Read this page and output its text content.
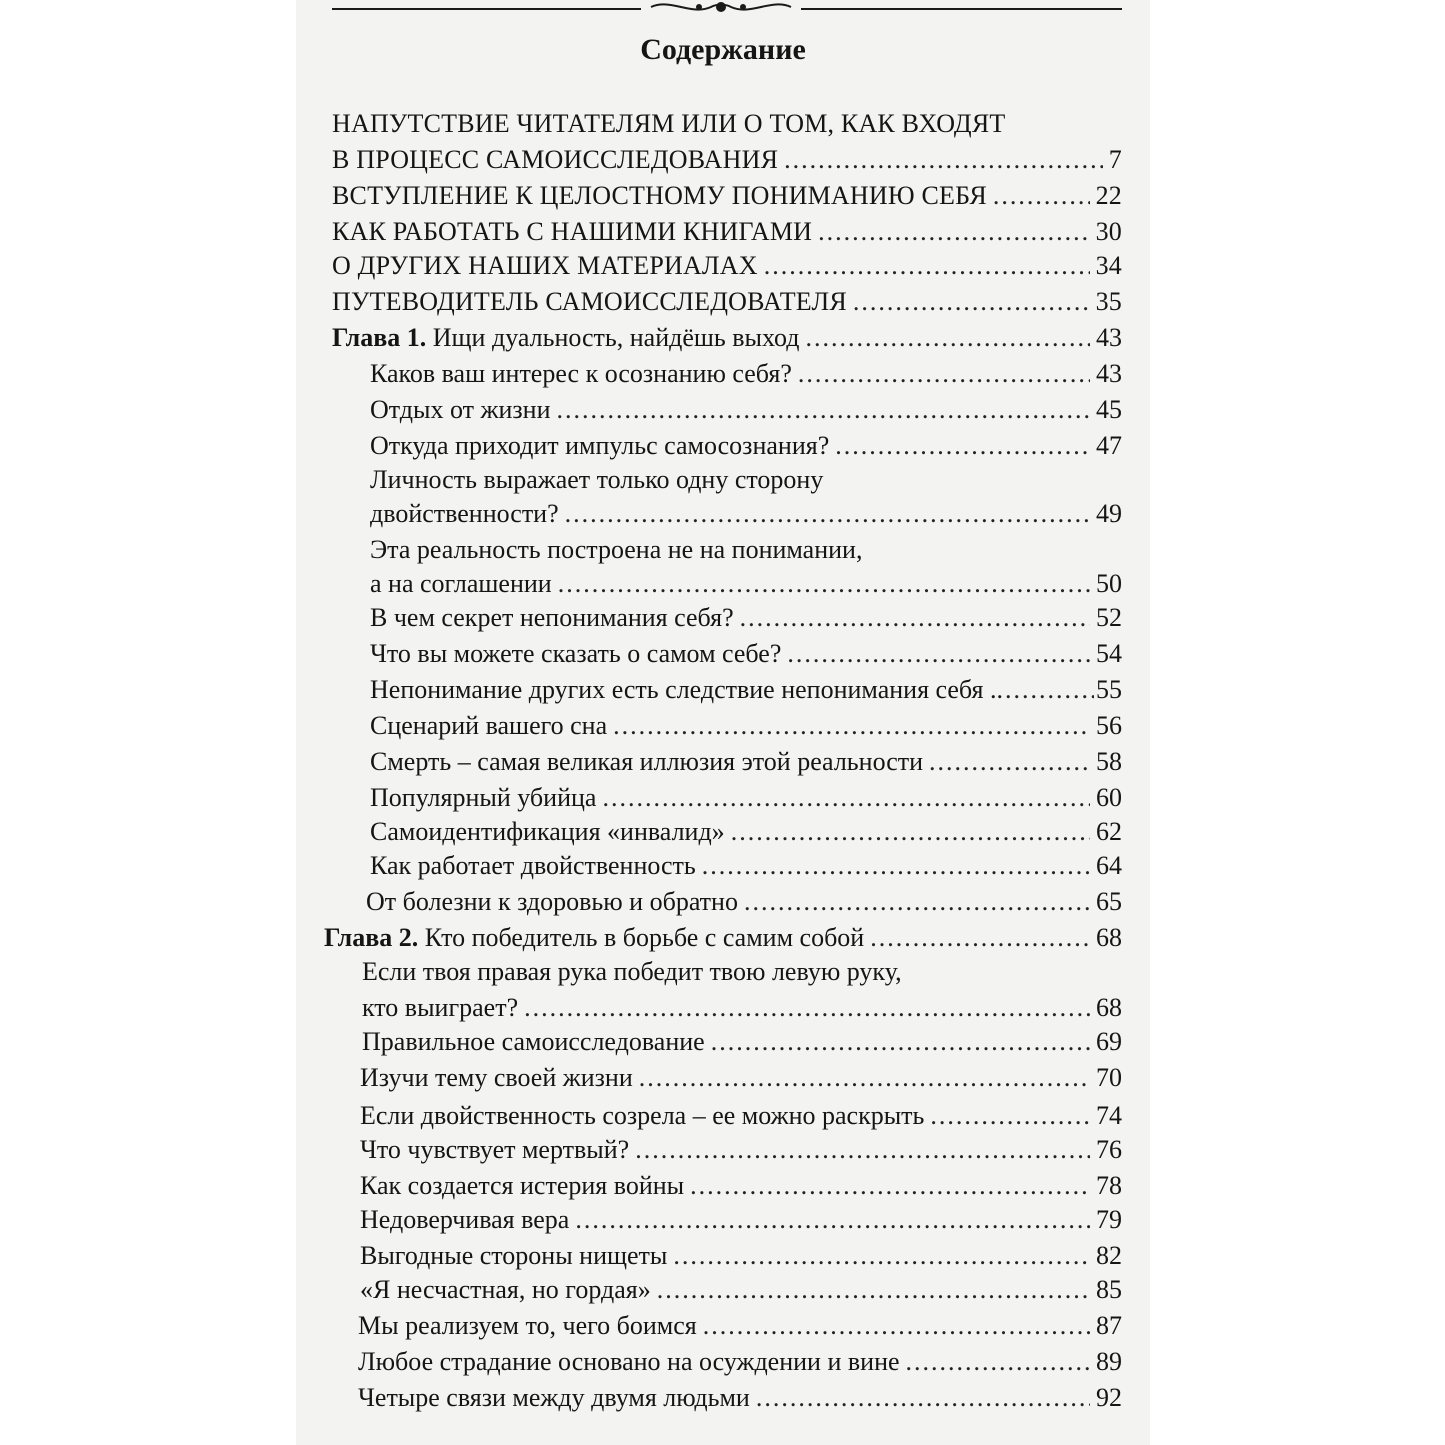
Содержание
НАПУТСТВИЕ ЧИТАТЕЛЯМ ИЛИ О ТОМ, КАК ВХОДЯТ
В ПРОЦЕСС САМОИССЛЕДОВАНИЯ .....	7
ВСТУПЛЕНИЕ К ЦЕЛОСТНОМУ ПОНИМАНИЮ СЕБЯ .....	22
КАК РАБОТАТЬ С НАШИМИ КНИГАМИ .....	30
О ДРУГИХ НАШИХ МАТЕРИАЛАХ .....	34
ПУТЕВОДИТЕЛЬ САМОИССЛЕДОВАТЕЛЯ .....	35
Глава 1. Ищи дуальность, найдёшь выход .....	43
Каков ваш интерес к осознанию себя? .....	43
Отдых от жизни .....	45
Откуда приходит импульс самосознания? .....	47
Личность выражает только одну сторону
двойственности? .....	49
Эта реальность построена не на понимании,
а на соглашении .....	50
В чем секрет непонимания себя? .....	52
Что вы можете сказать о самом себе? .....	54
Непонимание других есть следствие непонимания себя .. .....	55
Сценарий вашего сна .....	56
Смерть – самая великая иллюзия этой реальности .....	58
Популярный убийца .....	60
Самоидентификация «инвалид» .....	62
Как работает двойственность .....	64
От болезни к здоровью и обратно .....	65
Глава 2. Кто победитель в борьбе с самим собой .....	68
Если твоя правая рука победит твою левую руку,
кто выиграет? .....	68
Правильное самоисследование .....	69
Изучи тему своей жизни .....	70
Если двойственность созрела – ее можно раскрыть .....	74
Что чувствует мертвый? .....	76
Как создается истерия войны .....	78
Недоверчивая вера .....	79
Выгодные стороны нищеты .....	82
«Я несчастная, но гордая» .....	85
Мы реализуем то, чего боимся .....	87
Любое страдание основано на осуждении и вине .....	89
Четыре связи между двумя людьми .....	92
